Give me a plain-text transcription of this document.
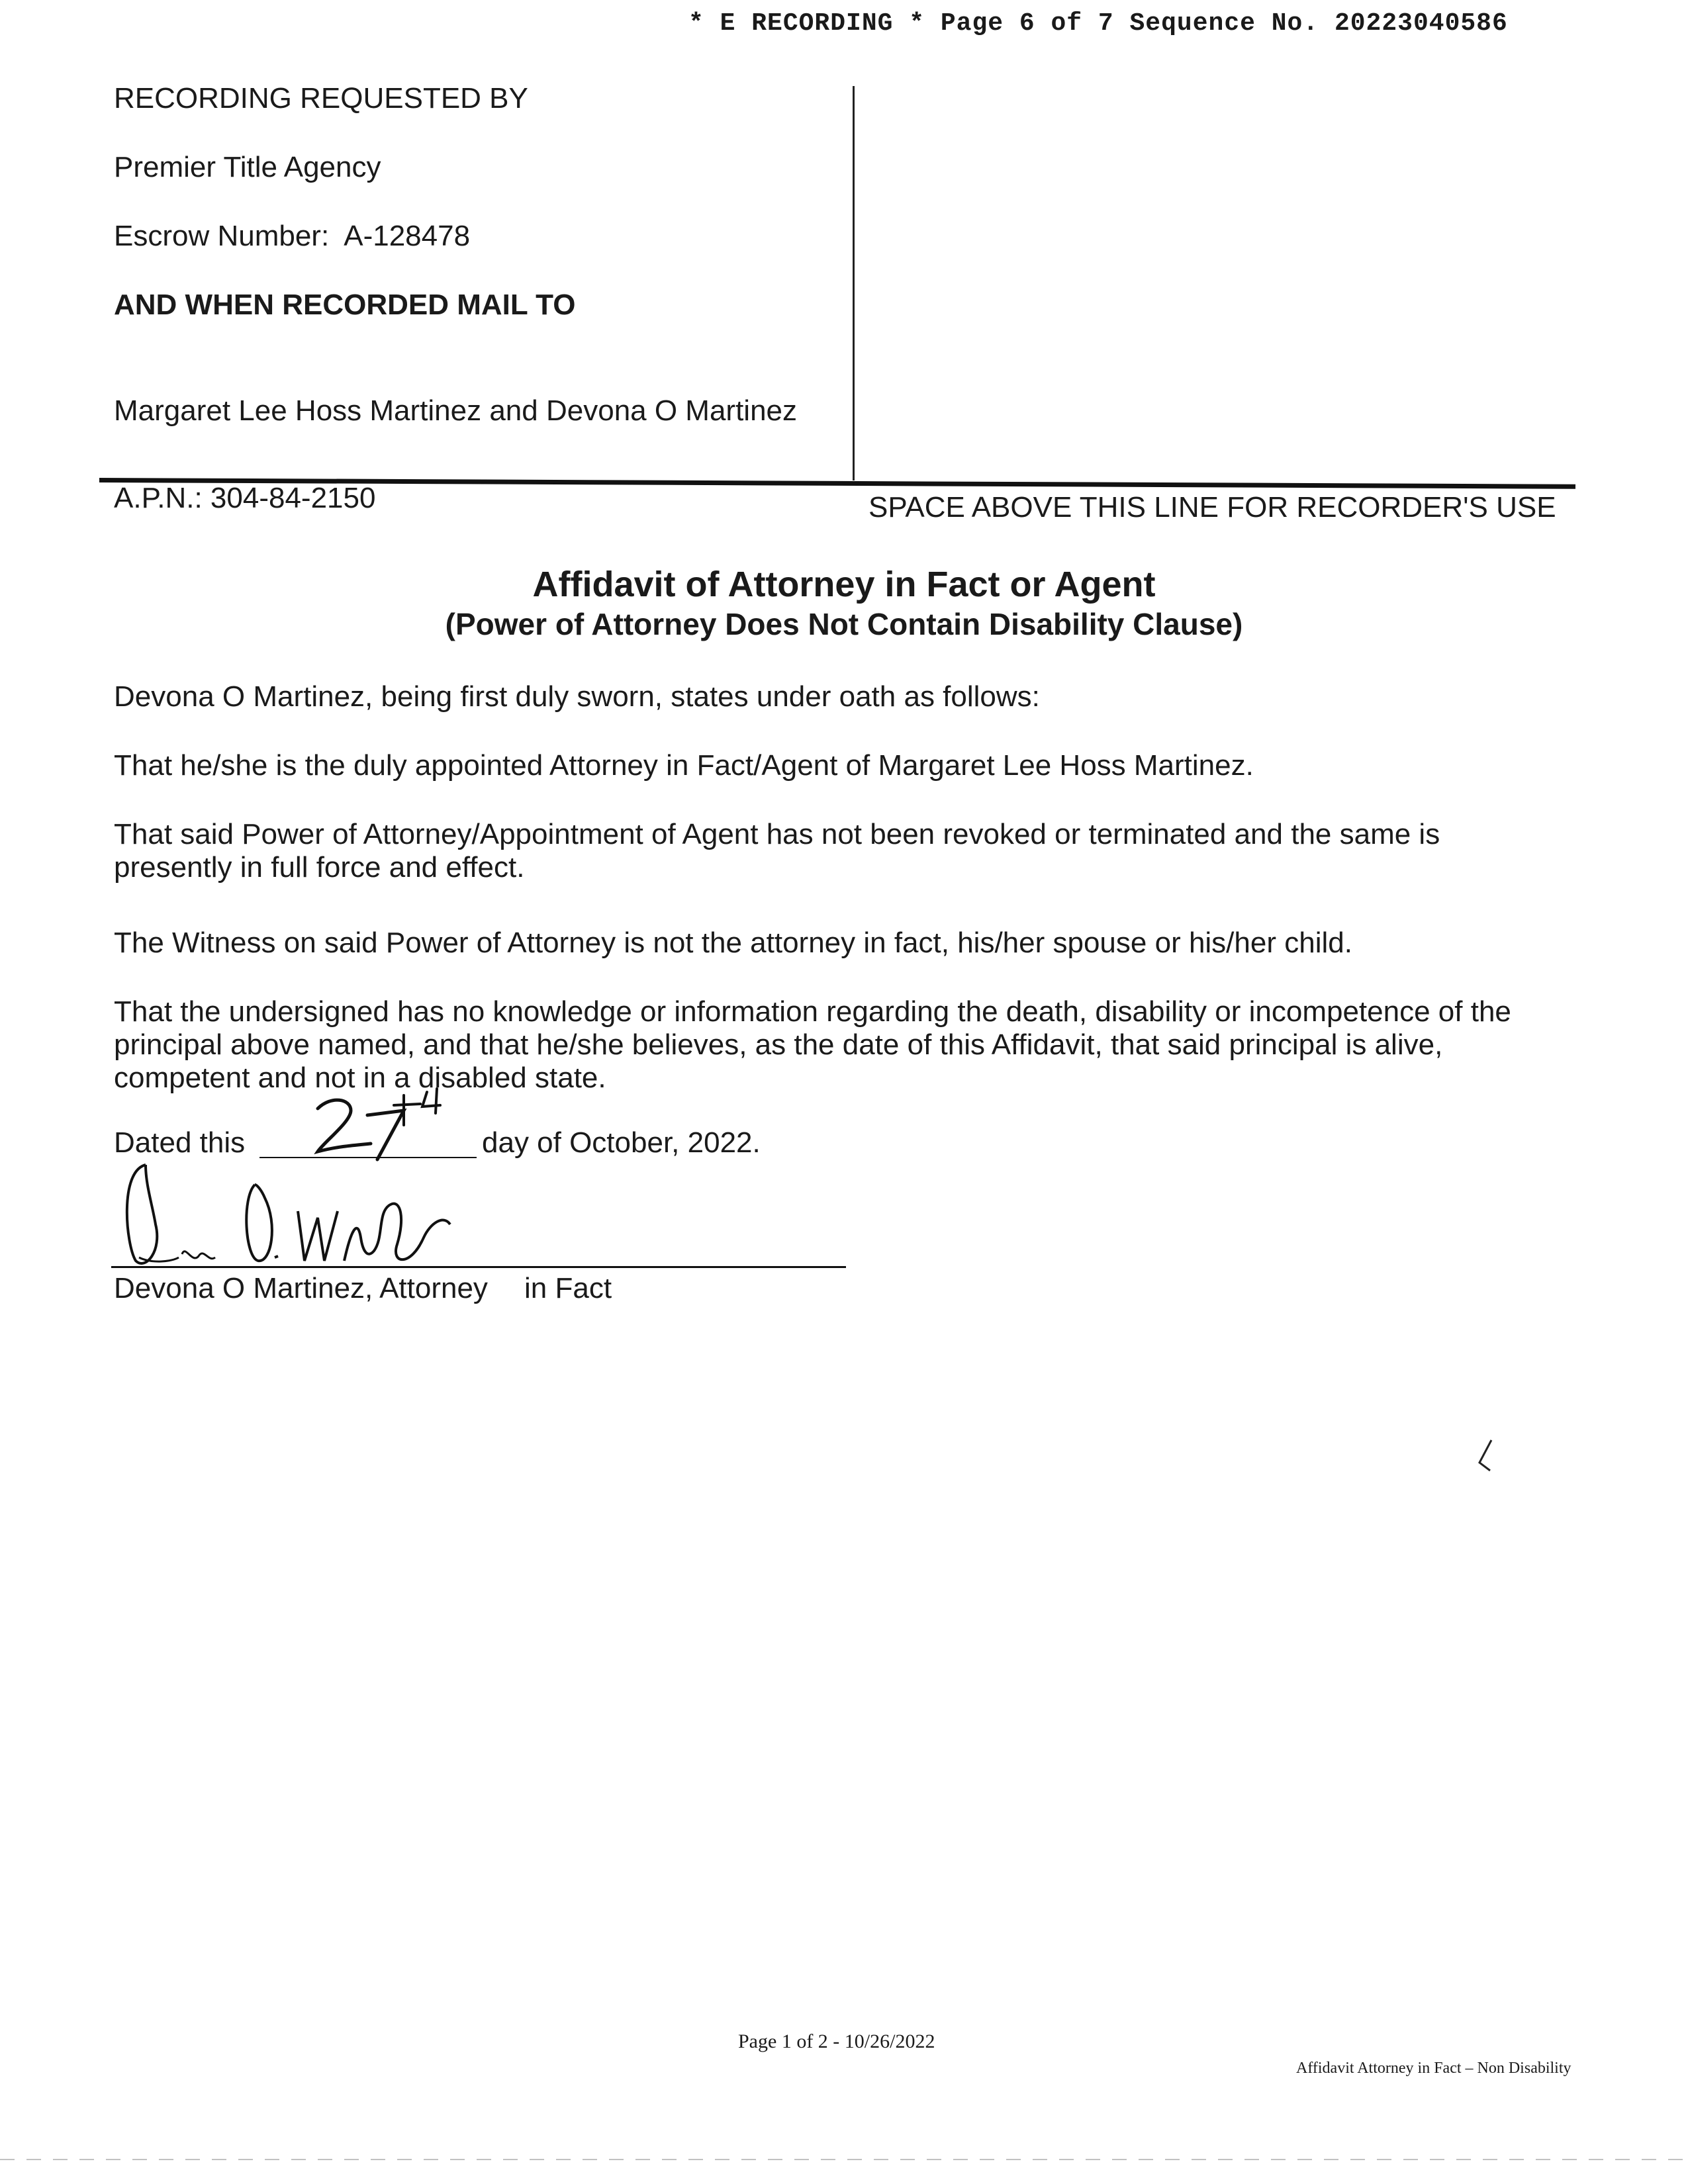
* E RECORDING * Page 6 of 7 Sequence No. 20223040586
RECORDING REQUESTED BY
Premier Title Agency
Escrow Number: A-128478
AND WHEN RECORDED MAIL TO
Margaret Lee Hoss Martinez and Devona O Martinez
A.P.N.: 304-84-2150	SPACE ABOVE THIS LINE FOR RECORDER'S USE
Affidavit of Attorney in Fact or Agent
(Power of Attorney Does Not Contain Disability Clause)
Devona O Martinez, being first duly sworn, states under oath as follows:
That he/she is the duly appointed Attorney in Fact/Agent of Margaret Lee Hoss Martinez.
That said Power of Attorney/Appointment of Agent has not been revoked or terminated and the same is presently in full force and effect.
The Witness on said Power of Attorney is not the attorney in fact, his/her spouse or his/her child.
That the undersigned has no knowledge or information regarding the death, disability or incompetence of the principal above named, and that he/she believes, as the date of this Affidavit, that said principal is alive, competent and not in a disabled state.
Dated this	day of October, 2022.
Devona O Martinez, Attorney in Fact
Page 1 of 2 - 10/26/2022
Affidavit Attorney in Fact – Non Disability
